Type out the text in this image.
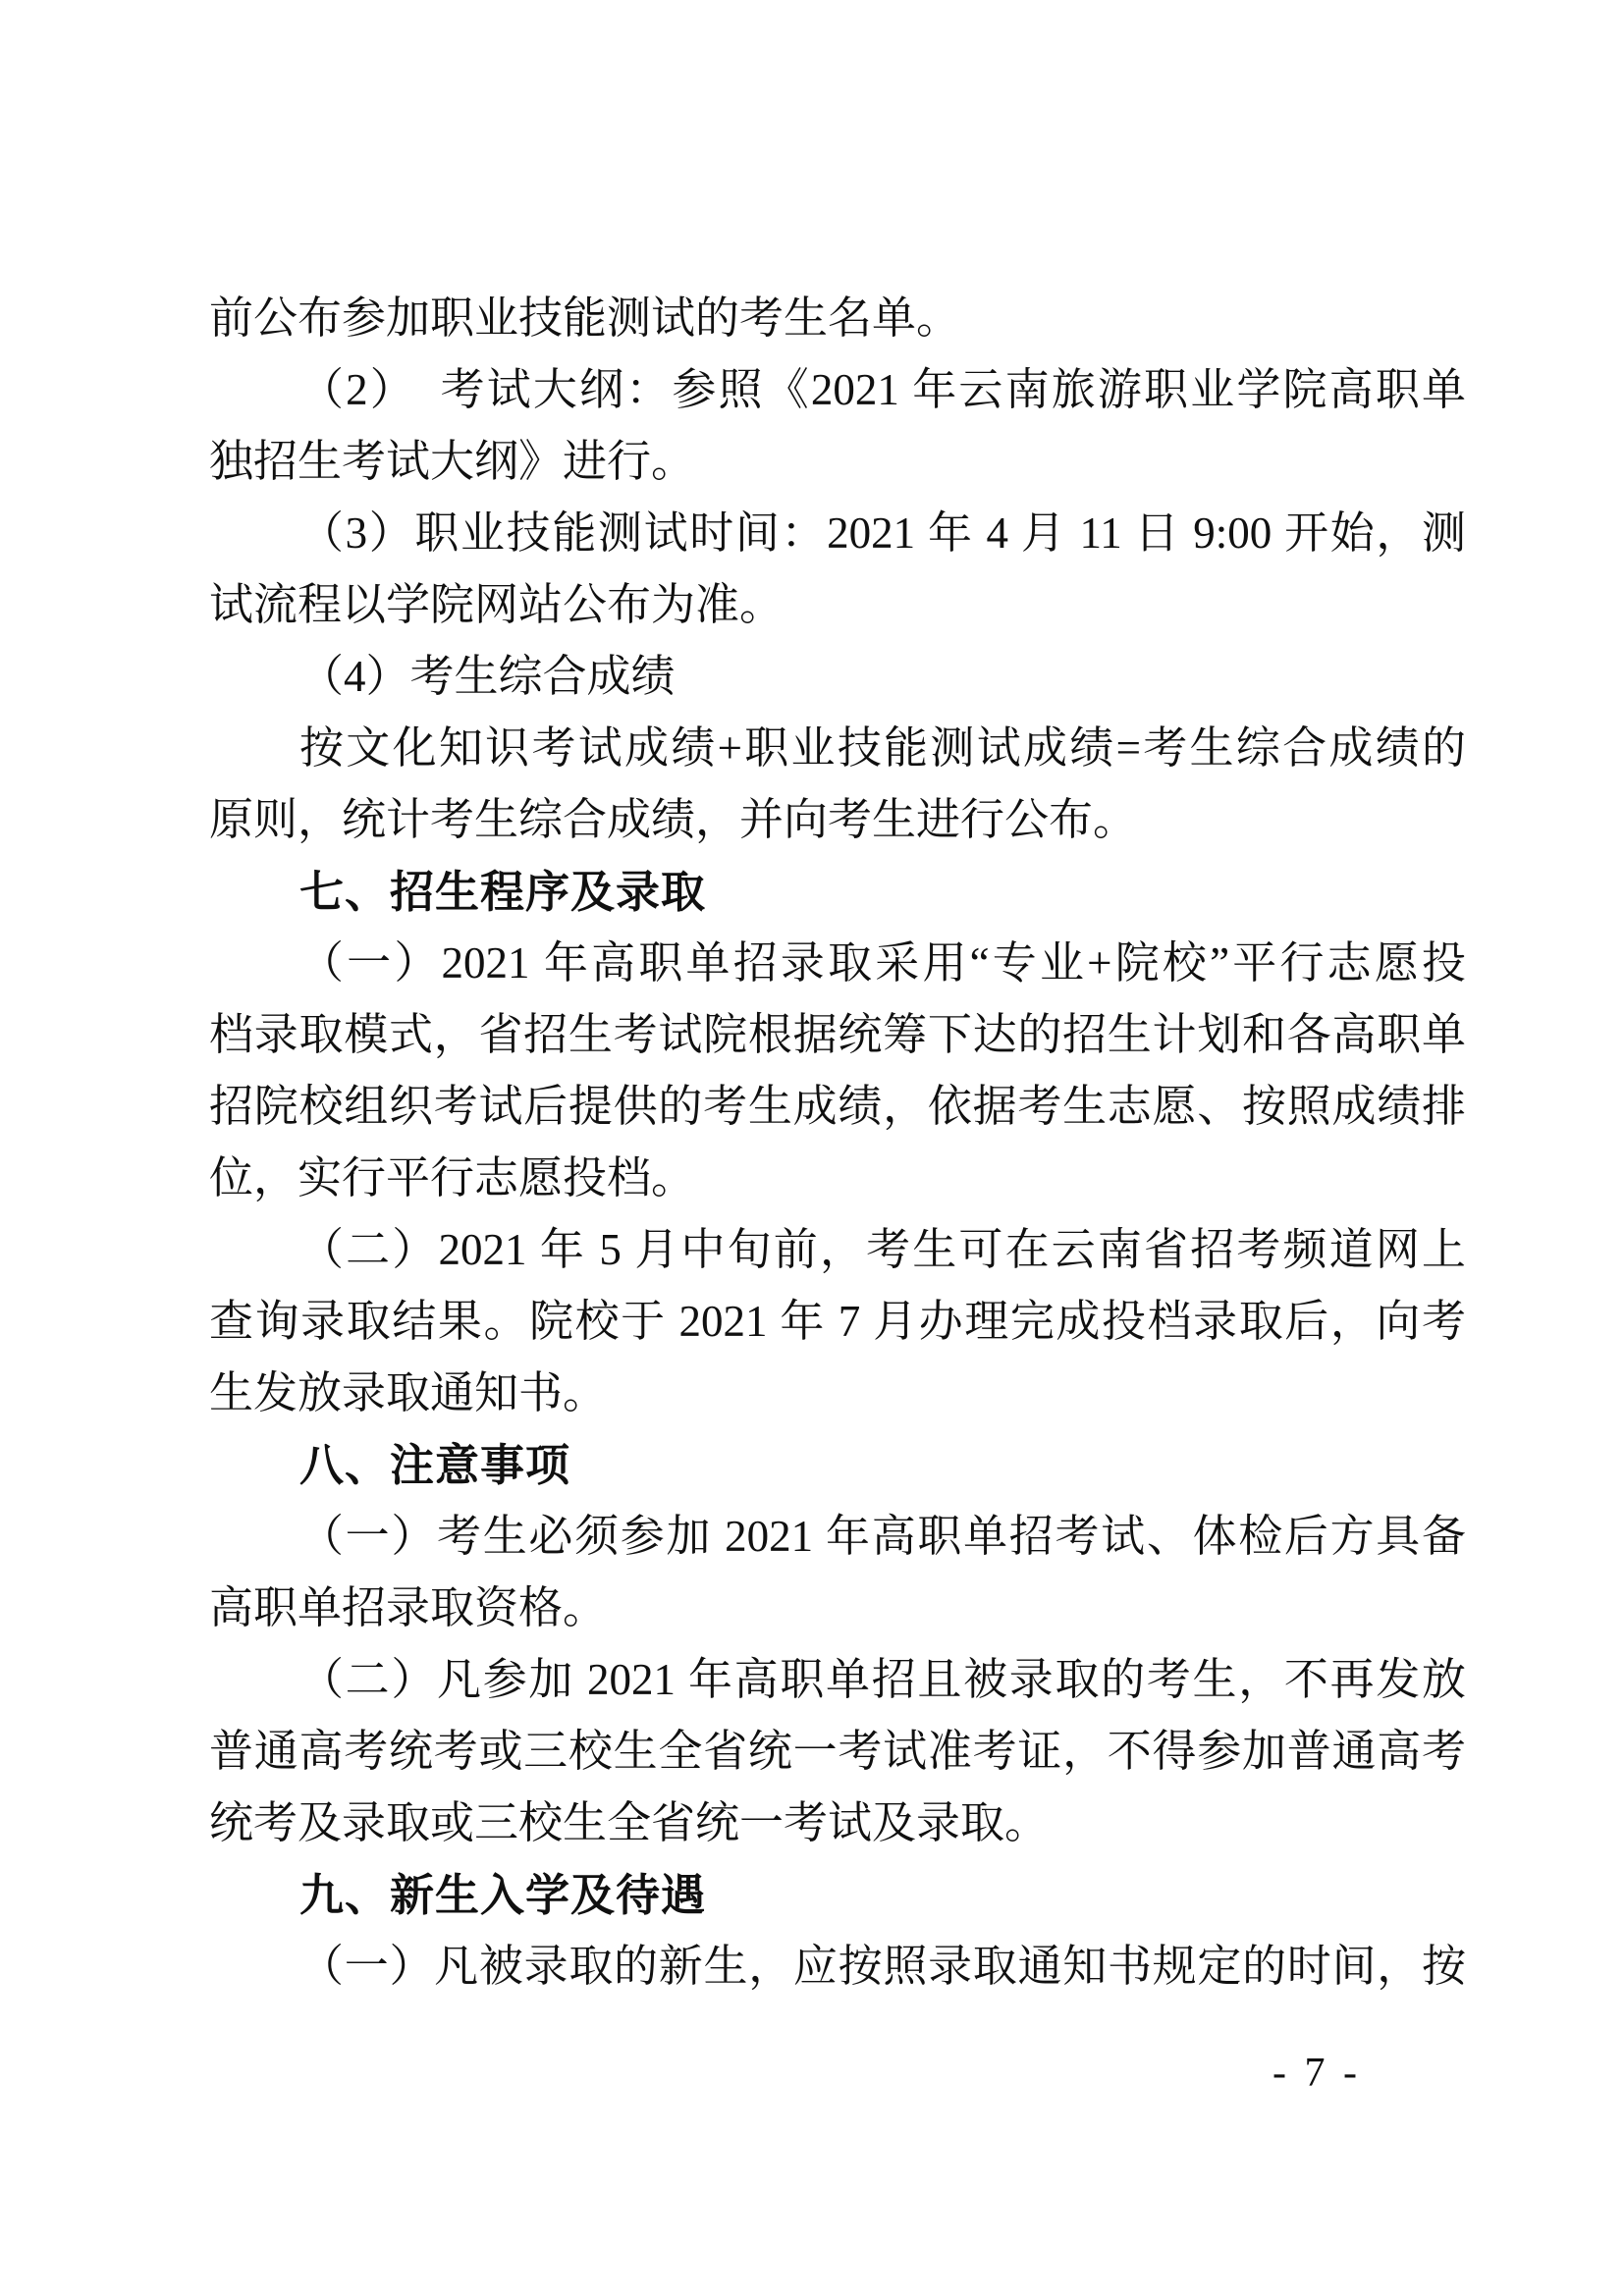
前公布参加职业技能测试的考生名单。
（2）　考试大纲：参照《2021 年云南旅游职业学院高职单
独招生考试大纲》进行。
（3）职业技能测试时间：2021 年 4 月 11 日 9:00 开始，测
试流程以学院网站公布为准。
（4）考生综合成绩
按文化知识考试成绩+职业技能测试成绩=考生综合成绩的
原则，统计考生综合成绩，并向考生进行公布。
七、招生程序及录取
（一）2021 年高职单招录取采用“专业+院校”平行志愿投
档录取模式，省招生考试院根据统筹下达的招生计划和各高职单
招院校组织考试后提供的考生成绩，依据考生志愿、按照成绩排
位，实行平行志愿投档。
（二）2021 年 5 月中旬前，考生可在云南省招考频道网上
查询录取结果。院校于 2021 年 7 月办理完成投档录取后，向考
生发放录取通知书。
八、注意事项
（一）考生必须参加 2021 年高职单招考试、体检后方具备
高职单招录取资格。
（二）凡参加 2021 年高职单招且被录取的考生，不再发放
普通高考统考或三校生全省统一考试准考证，不得参加普通高考
统考及录取或三校生全省统一考试及录取。
九、新生入学及待遇
（一）凡被录取的新生，应按照录取通知书规定的时间，按
- 7 -
